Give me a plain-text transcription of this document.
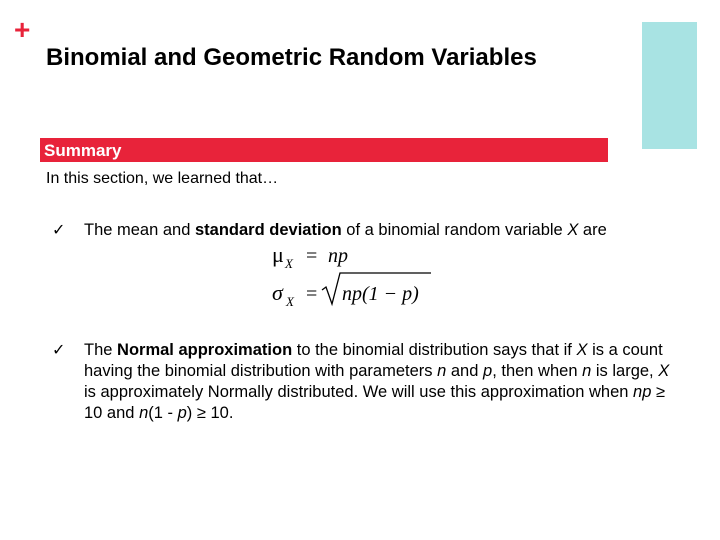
+
Binomial and Geometric Random Variables
Summary
In this section, we learned that…
✓ The mean and standard deviation of a binomial random variable X are
μ X = np
σ X = np(1 − p)
✓ The Normal approximation to the binomial distribution says that if X is a count having the binomial distribution with parameters n and p, then when n is large, X is approximately Normally distributed. We will use this approximation when np ≥ 10 and n(1 - p) ≥ 10.
